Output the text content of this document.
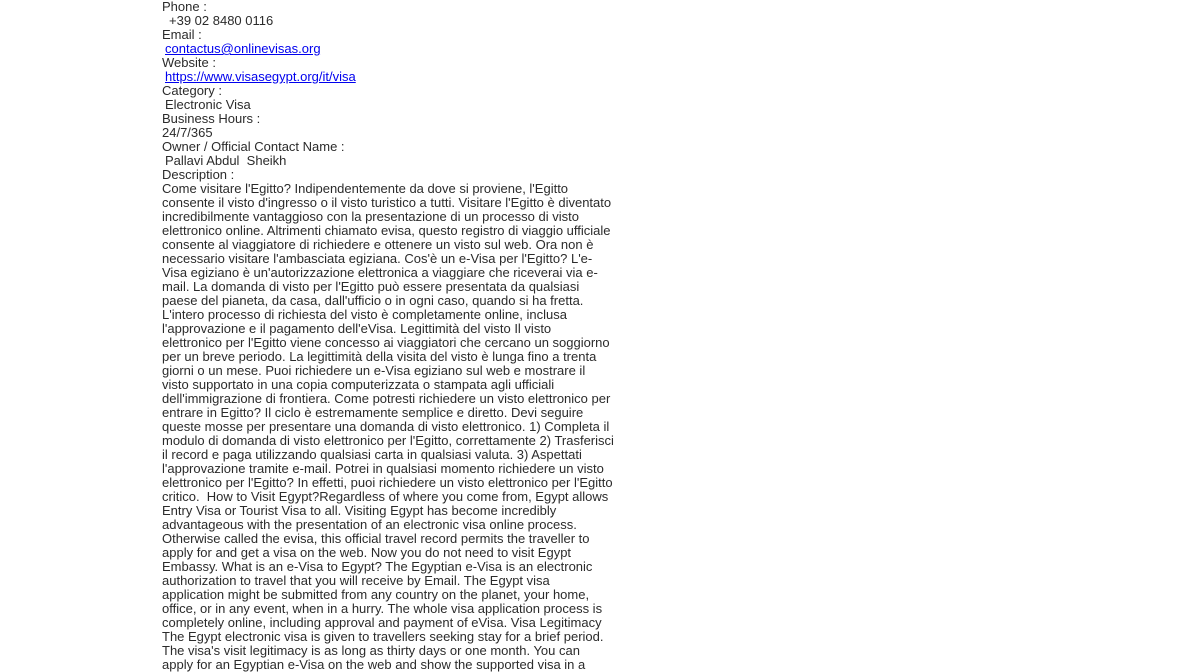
Phone :
+39 02 8480 0116
Email :
contactus@onlinevisas.org
Website :
https://www.visasegypt.org/it/visa
Category :
Electronic Visa
Business Hours :
24/7/365
Owner / Official Contact Name :
Pallavi Abdul  Sheikh
Description :
Come visitare l'Egitto? Indipendentemente da dove si proviene, l'Egitto consente il visto d'ingresso o il visto turistico a tutti. Visitare l'Egitto è diventato incredibilmente vantaggioso con la presentazione di un processo di visto elettronico online. Altrimenti chiamato evisa, questo registro di viaggio ufficiale consente al viaggiatore di richiedere e ottenere un visto sul web. Ora non è necessario visitare l'ambasciata egiziana. Cos'è un e-Visa per l'Egitto? L'e-Visa egiziano è un'autorizzazione elettronica a viaggiare che riceverai via e-mail. La domanda di visto per l'Egitto può essere presentata da qualsiasi paese del pianeta, da casa, dall'ufficio o in ogni caso, quando si ha fretta. L'intero processo di richiesta del visto è completamente online, inclusa l'approvazione e il pagamento dell'eVisa. Legittimità del visto Il visto elettronico per l'Egitto viene concesso ai viaggiatori che cercano un soggiorno per un breve periodo. La legittimità della visita del visto è lunga fino a trenta giorni o un mese. Puoi richiedere un e-Visa egiziano sul web e mostrare il visto supportato in una copia computerizzata o stampata agli ufficiali dell'immigrazione di frontiera. Come potresti richiedere un visto elettronico per entrare in Egitto? Il ciclo è estremamente semplice e diretto. Devi seguire queste mosse per presentare una domanda di visto elettronico. 1) Completa il modulo di domanda di visto elettronico per l'Egitto, correttamente 2) Trasferisci il record e paga utilizzando qualsiasi carta in qualsiasi valuta. 3) Aspettati l'approvazione tramite e-mail. Potrei in qualsiasi momento richiedere un visto elettronico per l'Egitto? In effetti, puoi richiedere un visto elettronico per l'Egitto critico.  How to Visit Egypt?Regardless of where you come from, Egypt allows Entry Visa or Tourist Visa to all. Visiting Egypt has become incredibly advantageous with the presentation of an electronic visa online process. Otherwise called the evisa, this official travel record permits the traveller to apply for and get a visa on the web. Now you do not need to visit Egypt Embassy. What is an e-Visa to Egypt? The Egyptian e-Visa is an electronic authorization to travel that you will receive by Email. The Egypt visa application might be submitted from any country on the planet, your home, office, or in any event, when in a hurry. The whole visa application process is completely online, including approval and payment of eVisa. Visa Legitimacy The Egypt electronic visa is given to travellers seeking stay for a brief period. The visa's visit legitimacy is as long as thirty days or one month. You can apply for an Egyptian e-Visa on the web and show the supported visa in a
